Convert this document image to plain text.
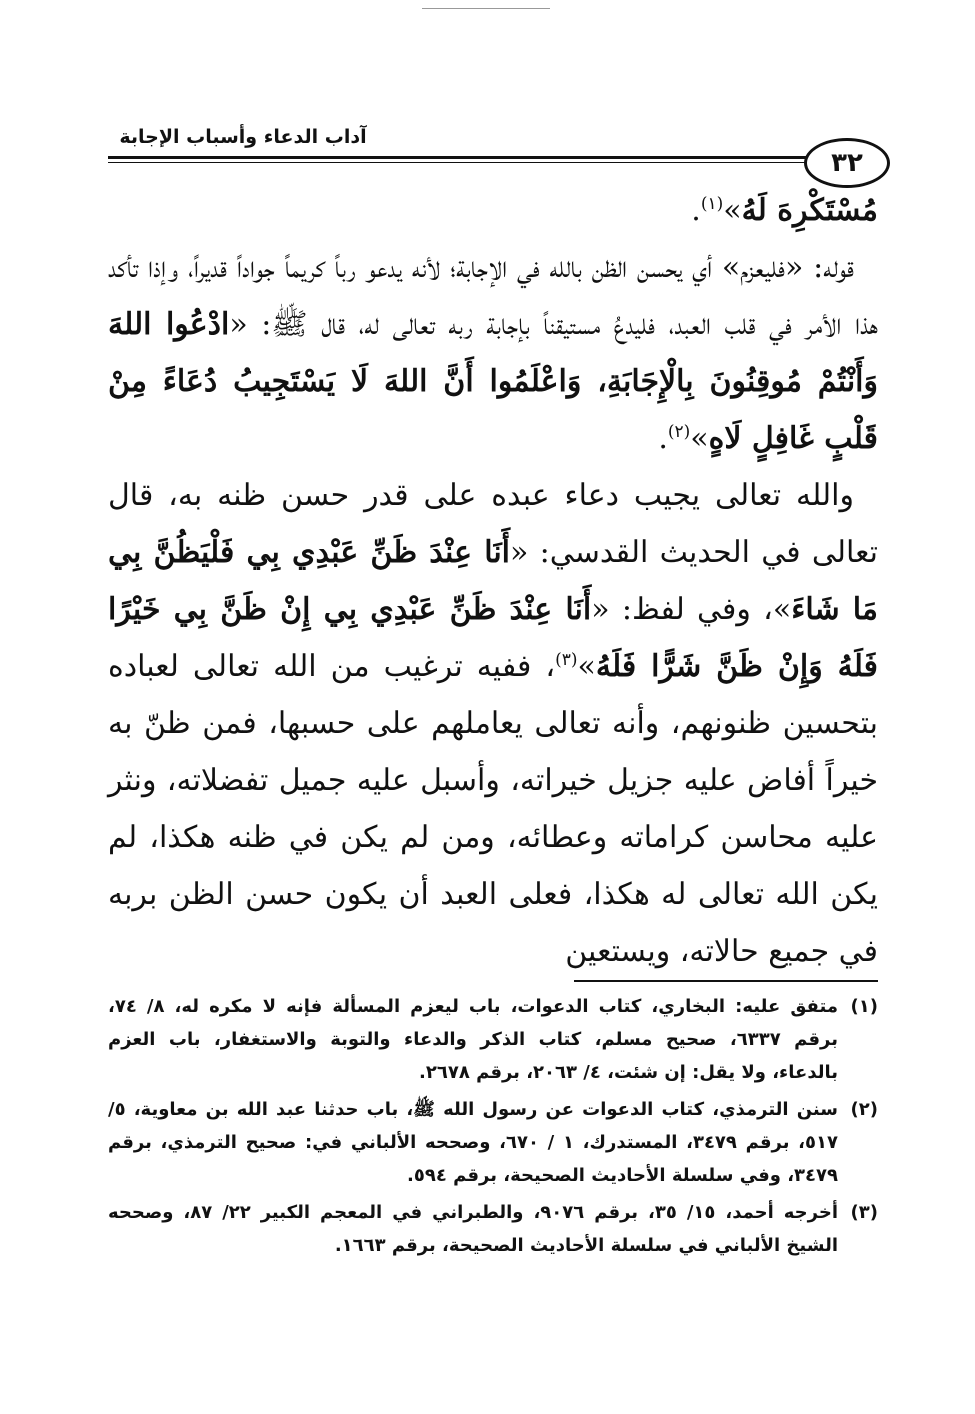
آداب الدعاء وأسباب الإجابة
٣٢

مُسْتَكْرِهَ لَهُ»$^{(١)}$.

قوله: «فليعزم» أي يحسن الظن بالله في الإجابة؛ لأنه يدعو رباً كريماً جواداً قديراً، وإذا تأكد هذا الأمر في قلب العبد، فليدعُ مستيقناً بإجابة ربه تعالى له، قال ﷺ: «ادْعُوا اللهَ وَأَنْتُمْ مُوقِنُونَ بِالْإِجَابَةِ، وَاعْلَمُوا أَنَّ اللهَ لَا يَسْتَجِيبُ دُعَاءً مِنْ قَلْبٍ غَافِلٍ لَاهٍ»$^{(٢)}$.

والله تعالى يجيب دعاء عبده على قدر حسن ظنه به، قال تعالى في الحديث القدسي: «أَنَا عِنْدَ ظَنِّ عَبْدِي بِي فَلْيَظُنَّ بِي مَا شَاءَ»، وفي لفظ: «أَنَا عِنْدَ ظَنِّ عَبْدِي بِي إِنْ ظَنَّ بِي خَيْرًا فَلَهُ وَإِنْ ظَنَّ شَرًّا فَلَهُ»$^{(٣)}$، ففيه ترغيب من الله تعالى لعباده بتحسين ظنونهم، وأنه تعالى يعاملهم على حسبها، فمن ظنّ به خيراً أفاض عليه جزيل خيراته، وأسبل عليه جميل تفضلاته، ونثر عليه محاسن كراماته وعطائه، ومن لم يكن في ظنه هكذا، لم يكن الله تعالى له هكذا، فعلى العبد أن يكون حسن الظن بربه في جميع حالاته، ويستعين

(١)
متفق عليه: البخاري، كتاب الدعوات، باب ليعزم المسألة فإنه لا مكره له، ٨/ ٧٤، برقم ٦٣٣٧، صحيح مسلم، كتاب الذكر والدعاء والتوبة والاستغفار، باب العزم بالدعاء، ولا يقل: إن شئت، ٤/ ٢٠٦٣، برقم ٢٦٧٨.
(٢)
سنن الترمذي، كتاب الدعوات عن رسول الله ﷺ، باب حدثنا عبد الله بن معاوية، ٥/ ٥١٧، برقم ٣٤٧٩، المستدرك، ١ / ٦٧٠، وصححه الألباني في: صحيح الترمذي، برقم ٣٤٧٩، وفي سلسلة الأحاديث الصحيحة، برقم ٥٩٤.
(٣)
أخرجه أحمد، ١٥/ ٣٥، برقم ٩٠٧٦، والطبراني في المعجم الكبير ٢٢/ ٨٧، وصححه الشيخ الألباني في سلسلة الأحاديث الصحيحة، برقم ١٦٦٣.
